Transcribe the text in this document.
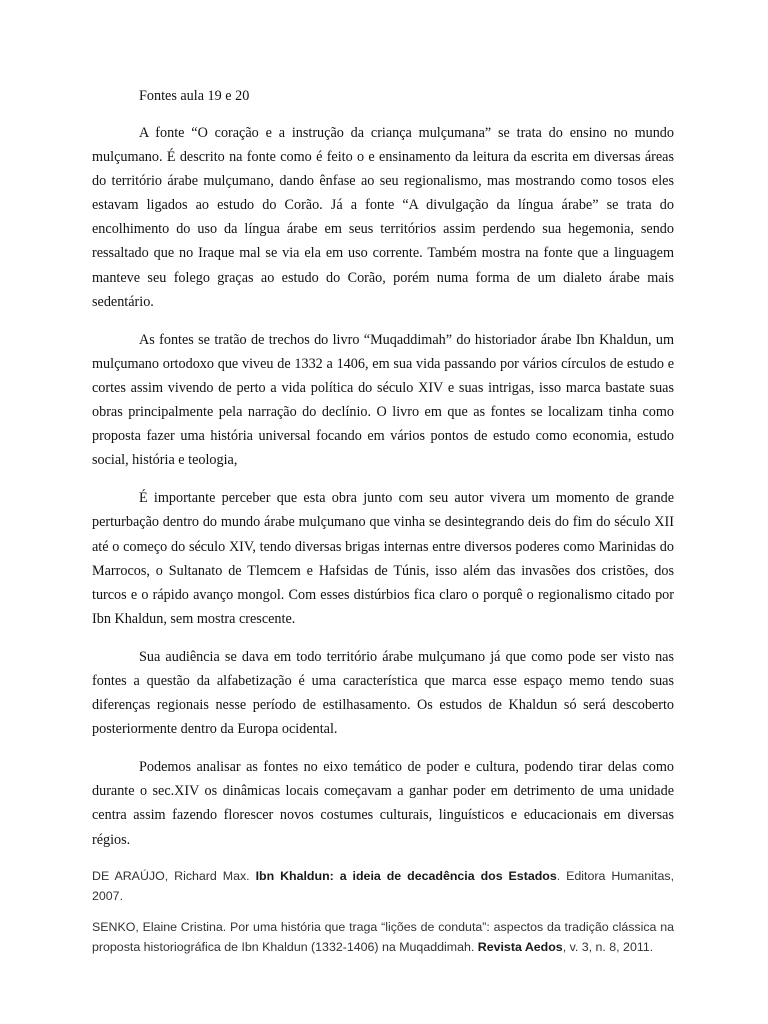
Fontes aula 19 e 20

A fonte “O coração e a instrução da criança mulçumana” se trata do ensino no mundo mulçumano. É descrito na fonte como é feito o e ensinamento da leitura da escrita em diversas áreas do território árabe mulçumano, dando ênfase ao seu regionalismo, mas mostrando como tosos eles estavam ligados ao estudo do Corão. Já a fonte “A divulgação da língua árabe” se trata do encolhimento do uso da língua árabe em seus territórios assim perdendo sua hegemonia, sendo ressaltado que no Iraque mal se via ela em uso corrente. Também mostra na fonte que a linguagem manteve seu folego graças ao estudo do Corão, porém numa forma de um dialeto árabe mais sedentário.

As fontes se tratão de trechos do livro “Muqaddimah” do historiador árabe Ibn Khaldun, um mulçumano ortodoxo que viveu de 1332 a 1406, em sua vida passando por vários círculos de estudo e cortes assim vivendo de perto a vida política do século XIV e suas intrigas, isso marca bastate suas obras principalmente pela narração do declínio. O livro em que as fontes se localizam tinha como proposta fazer uma história universal focando em vários pontos de estudo como economia, estudo social, história e teologia,

É importante perceber que esta obra junto com seu autor vivera um momento de grande perturbação dentro do mundo árabe mulçumano que vinha se desintegrando deis do fim do século XII até o começo do século XIV, tendo diversas brigas internas entre diversos poderes como Marinidas do Marrocos, o Sultanato de Tlemcem e Hafsidas de Túnis, isso além das invasões dos cristões, dos turcos e o rápido avanço mongol. Com esses distúrbios fica claro o porquê o regionalismo citado por Ibn Khaldun, sem mostra crescente.

Sua audiência se dava em todo território árabe mulçumano já que como pode ser visto nas fontes a questão da alfabetização é uma característica que marca esse espaço memo tendo suas diferenças regionais nesse período de estilhasamento. Os estudos de Khaldun só será descoberto posteriormente dentro da Europa ocidental.

Podemos analisar as fontes no eixo temático de poder e cultura, podendo tirar delas como durante o sec.XIV os dinâmicas locais começavam a ganhar poder em detrimento de uma unidade centra assim fazendo florescer novos costumes culturais, linguísticos e educacionais em diversas régios.

DE ARAÚJO, Richard Max. Ibn Khaldun: a ideia de decadência dos Estados. Editora Humanitas, 2007.

SENKO, Elaine Cristina. Por uma história que traga “lições de conduta”: aspectos da tradição clássica na proposta historiográfica de Ibn Khaldun (1332-1406) na Muqaddimah. Revista Aedos, v. 3, n. 8, 2011.
